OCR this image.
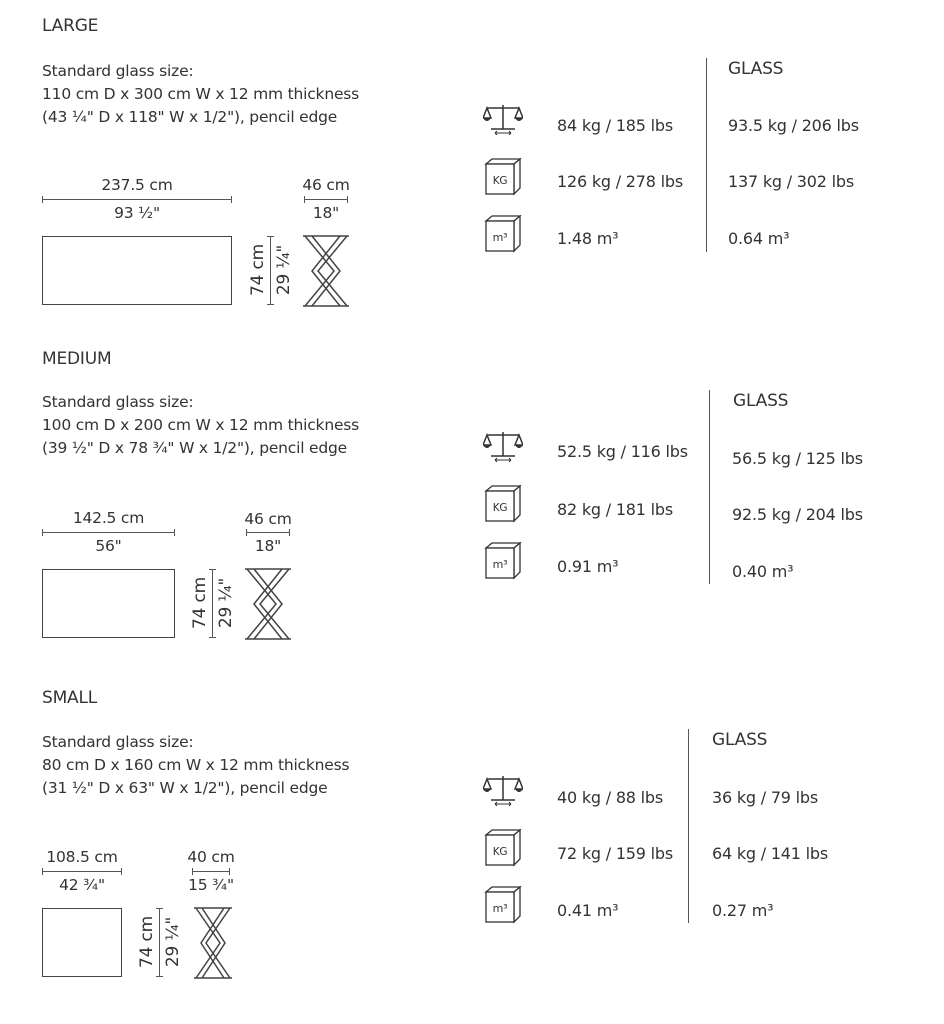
LARGE
Standard glass size:
110 cm D x 300 cm W x 12 mm thickness
(43 ¼" D x 118" W x 1/2"), pencil edge
237.5 cm
93 ½"
74 cm 29 ¼"
46 cm
18"
KG
m³
GLASS
84 kg / 185 lbs	93.5 kg / 206 lbs
126 kg / 278 lbs	137 kg / 302 lbs
1.48 m³	0.64 m³
MEDIUM
Standard glass size:
100 cm D x 200 cm W x 12 mm thickness
(39 ½" D x 78 ¾" W x 1/2"), pencil edge
142.5 cm
56"
74 cm 29 ¼"
46 cm
18"
KG
m³
GLASS
52.5 kg / 116 lbs	56.5 kg / 125 lbs
82 kg / 181 lbs	92.5 kg / 204 lbs
0.91 m³	0.40 m³
SMALL
Standard glass size:
80 cm D x 160 cm W x 12 mm thickness
(31 ½" D x 63" W x 1/2"), pencil edge
108.5 cm
42 ¾"
74 cm 29 ¼"
40 cm
15 ¾"
KG
m³
GLASS
40 kg / 88 lbs	36 kg / 79 lbs
72 kg / 159 lbs 64 kg / 141 lbs
0.41 m³	0.27 m³
